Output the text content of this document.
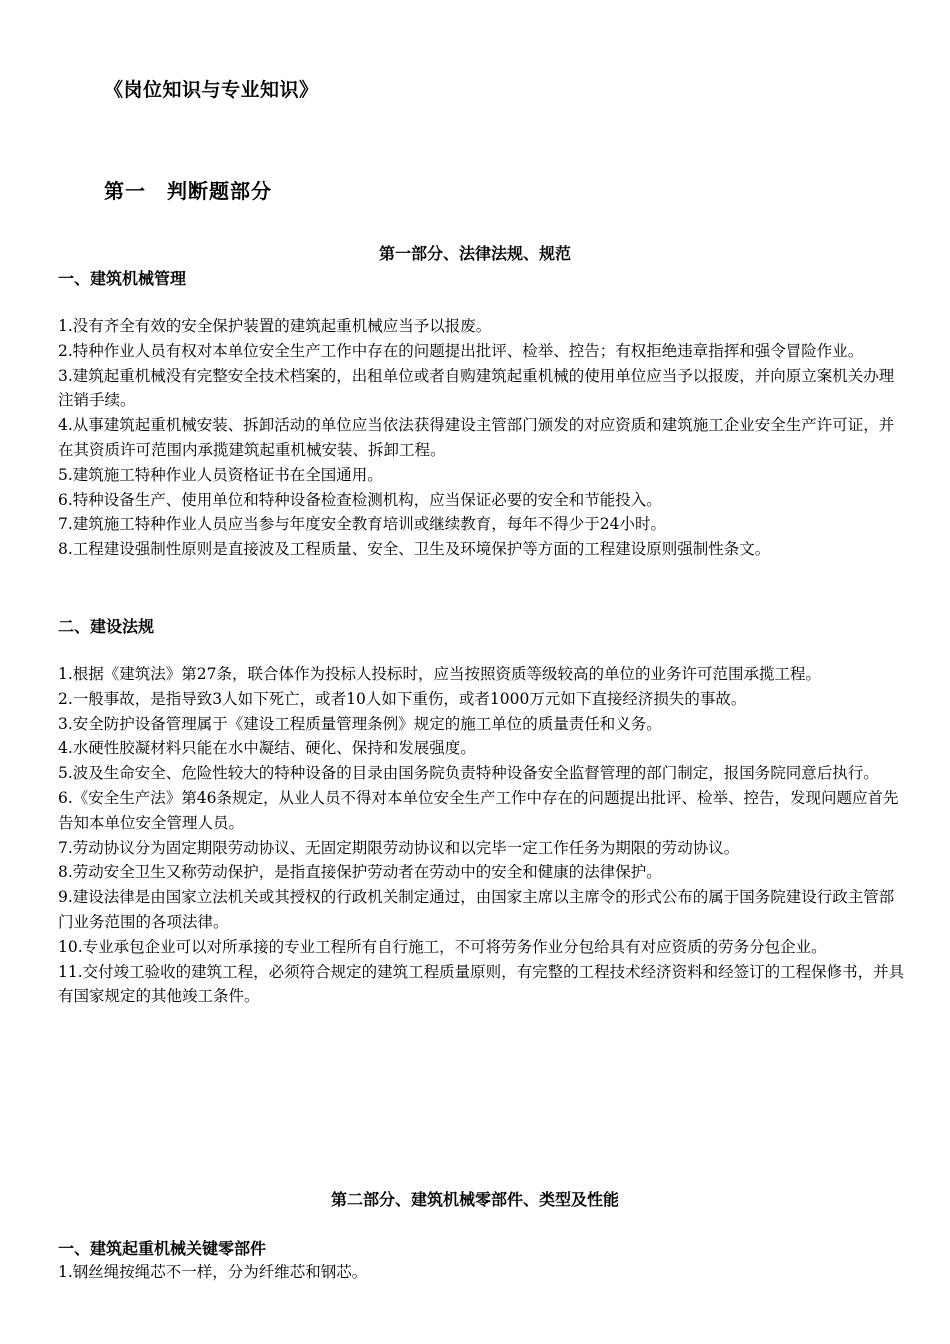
《岗位知识与专业知识》
第一　判断题部分
第一部分、法律法规、规范
一、建筑机械管理

1.没有齐全有效的安全保护装置的建筑起重机械应当予以报废。

2.特种作业人员有权对本单位安全生产工作中存在的问题提出批评、检举、控告；有权拒绝违章指挥和强令冒险作业。

3.建筑起重机械没有完整安全技术档案的，出租单位或者自购建筑起重机械的使用单位应当予以报废，并向原立案机关办理注销手续。

4.从事建筑起重机械安装、拆卸活动的单位应当依法获得建设主管部门颁发的对应资质和建筑施工企业安全生产许可证，并在其资质许可范围内承揽建筑起重机械安装、拆卸工程。

5.建筑施工特种作业人员资格证书在全国通用。

6.特种设备生产、使用单位和特种设备检查检测机构，应当保证必要的安全和节能投入。

7.建筑施工特种作业人员应当参与年度安全教育培训或继续教育，每年不得少于24小时。

8.工程建设强制性原则是直接波及工程质量、安全、卫生及环境保护等方面的工程建设原则强制性条文。

二、建设法规

1.根据《建筑法》第27条，联合体作为投标人投标时，应当按照资质等级较高的单位的业务许可范围承揽工程。

2.一般事故，是指导致3人如下死亡，或者10人如下重伤，或者1000万元如下直接经济损失的事故。

3.安全防护设备管理属于《建设工程质量管理条例》规定的施工单位的质量责任和义务。

4.水硬性胶凝材料只能在水中凝结、硬化、保持和发展强度。

5.波及生命安全、危险性较大的特种设备的目录由国务院负责特种设备安全监督管理的部门制定，报国务院同意后执行。

6.《安全生产法》第46条规定，从业人员不得对本单位安全生产工作中存在的问题提出批评、检举、控告，发现问题应首先告知本单位安全管理人员。

7.劳动协议分为固定期限劳动协议、无固定期限劳动协议和以完毕一定工作任务为期限的劳动协议。

8.劳动安全卫生又称劳动保护，是指直接保护劳动者在劳动中的安全和健康的法律保护。

9.建设法律是由国家立法机关或其授权的行政机关制定通过，由国家主席以主席令的形式公布的属于国务院建设行政主管部门业务范围的各项法律。

10.专业承包企业可以对所承接的专业工程所有自行施工，不可将劳务作业分包给具有对应资质的劳务分包企业。

11.交付竣工验收的建筑工程，必须符合规定的建筑工程质量原则，有完整的工程技术经济资料和经签订的工程保修书，并具有国家规定的其他竣工条件。

第二部分、建筑机械零部件、类型及性能
一、建筑起重机械关键零部件

1.钢丝绳按绳芯不一样，分为纤维芯和钢芯。
